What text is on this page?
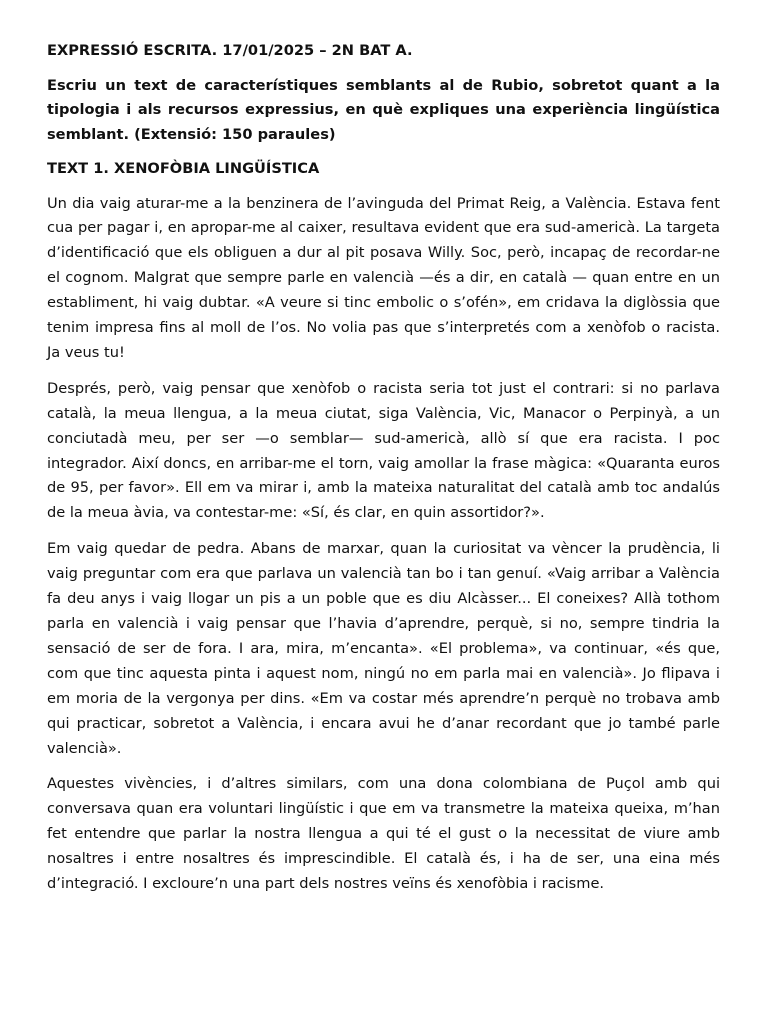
EXPRESSIÓ ESCRITA. 17/01/2025 – 2N BAT A.

Escriu un text de característiques semblants al de Rubio, sobretot quant a la tipologia i als recursos expressius, en què expliques una experiència lingüística semblant. (Extensió: 150 paraules)

TEXT 1. XENOFÒBIA LINGÜÍSTICA

Un dia vaig aturar-me a la benzinera de l’avinguda del Primat Reig, a València. Estava fent cua per pagar i, en apropar-me al caixer, resultava evident que era sud-americà. La targeta d’identificació que els obliguen a dur al pit posava Willy. Soc, però, incapaç de recordar-ne el cognom. Malgrat que sempre parle en valencià —és a dir, en català — quan entre en un establiment, hi vaig dubtar. «A veure si tinc embolic o s’ofén», em cridava la diglòssia que tenim impresa fins al moll de l’os. No volia pas que s’interpretés com a xenòfob o racista. Ja veus tu!

Després, però, vaig pensar que xenòfob o racista seria tot just el contrari: si no parlava català, la meua llengua, a la meua ciutat, siga València, Vic, Manacor o Perpinyà, a un conciutadà meu, per ser —o semblar— sud-americà, allò sí que era racista. I poc integrador. Així doncs, en arribar-me el torn, vaig amollar la frase màgica: «Quaranta euros de 95, per favor». Ell em va mirar i, amb la mateixa naturalitat del català amb toc andalús de la meua àvia, va contestar-me: «Sí, és clar, en quin assortidor?».

Em vaig quedar de pedra. Abans de marxar, quan la curiositat va vèncer la prudència, li vaig preguntar com era que parlava un valencià tan bo i tan genuí. «Vaig arribar a València fa deu anys i vaig llogar un pis a un poble que es diu Alcàsser... El coneixes? Allà tothom parla en valencià i vaig pensar que l’havia d’aprendre, perquè, si no, sempre tindria la sensació de ser de fora. I ara, mira, m’encanta». «El problema», va continuar, «és que, com que tinc aquesta pinta i aquest nom, ningú no em parla mai en valencià». Jo flipava i em moria de la vergonya per dins. «Em va costar més aprendre’n perquè no trobava amb qui practicar, sobretot a València, i encara avui he d’anar recordant que jo també parle valencià».

Aquestes vivències, i d’altres similars, com una dona colombiana de Puçol amb qui conversava quan era voluntari lingüístic i que em va transmetre la mateixa queixa, m’han fet entendre que parlar la nostra llengua a qui té el gust o la necessitat de viure amb nosaltres i entre nosaltres és imprescindible. El català és, i ha de ser, una eina més d’integració. I excloure’n una part dels nostres veïns és xenofòbia i racisme.
